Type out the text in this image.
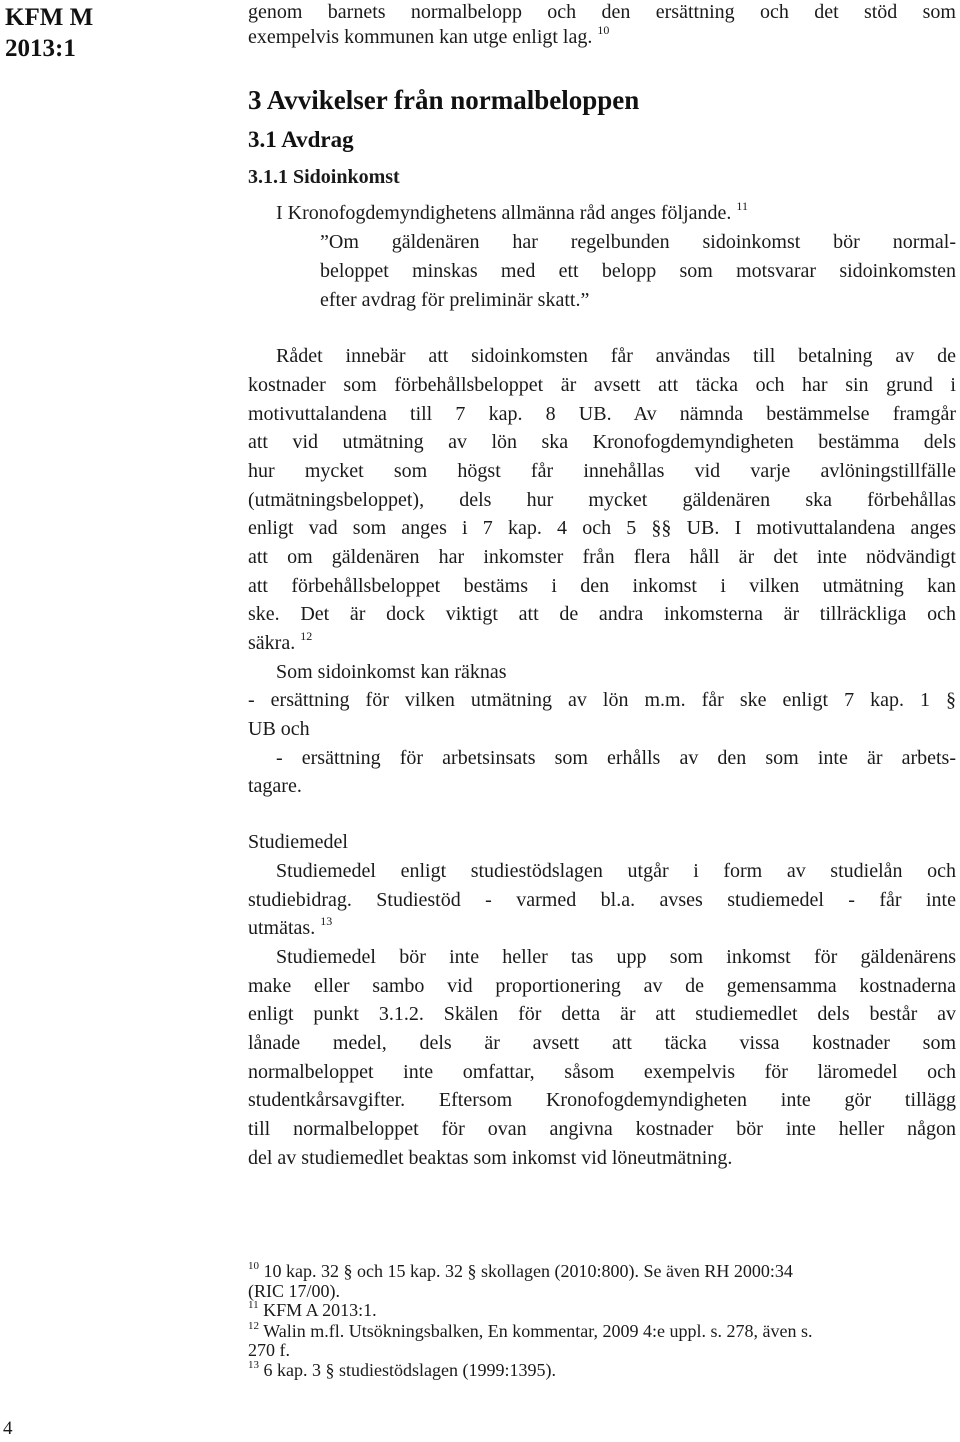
KFM M
2013:1
genom barnets normalbelopp och den ersättning och det stöd som
exempelvis kommunen kan utge enligt lag. $^{10}$
3 Avvikelser från normalbeloppen
3.1 Avdrag
3.1.1 Sidoinkomst
I Kronofogdemyndighetens allmänna råd anges följande. $^{11}$
”Om gäldenären har regelbunden sidoinkomst bör normal-
beloppet minskas med ett belopp som motsvarar sidoinkomsten
efter avdrag för preliminär skatt.”
Rådet innebär att sidoinkomsten får användas till betalning av de
kostnader som förbehållsbeloppet är avsett att täcka och har sin grund i
motivuttalandena till 7 kap. 8 UB. Av nämnda bestämmelse framgår
att vid utmätning av lön ska Kronofogdemyndigheten bestämma dels
hur mycket som högst får innehållas vid varje avlöningstillfälle
(utmätningsbeloppet), dels hur mycket gäldenären ska förbehållas
enligt vad som anges i 7 kap. 4 och 5 §§ UB. I motivuttalandena anges
att om gäldenären har inkomster från flera håll är det inte nödvändigt
att förbehållsbeloppet bestäms i den inkomst i vilken utmätning kan
ske. Det är dock viktigt att de andra inkomsterna är tillräckliga och
säkra. $^{12}$
Som sidoinkomst kan räknas
- ersättning för vilken utmätning av lön m.m. får ske enligt 7 kap. 1 §
UB och
- ersättning för arbetsinsats som erhålls av den som inte är arbets-
tagare.
Studiemedel
Studiemedel enligt studiestödslagen utgår i form av studielån och
studiebidrag. Studiestöd - varmed bl.a. avses studiemedel - får inte
utmätas. $^{13}$
Studiemedel bör inte heller tas upp som inkomst för gäldenärens
make eller sambo vid proportionering av de gemensamma kostnaderna
enligt punkt 3.1.2. Skälen för detta är att studiemedlet dels består av
lånade medel, dels är avsett att täcka vissa kostnader som
normalbeloppet inte omfattar, såsom exempelvis för läromedel och
studentkårsavgifter. Eftersom Kronofogdemyndigheten inte gör tillägg
till normalbeloppet för ovan angivna kostnader bör inte heller någon
del av studiemedlet beaktas som inkomst vid löneutmätning.
$^{10}$ 10 kap. 32 § och 15 kap. 32 § skollagen (2010:800). Se även RH 2000:34
(RIC 17/00).
$^{11}$ KFM A 2013:1.
$^{12}$ Walin m.fl. Utsökningsbalken, En kommentar, 2009 4:e uppl. s. 278, även s.
270 f.
$^{13}$ 6 kap. 3 § studiestödslagen (1999:1395).
4
